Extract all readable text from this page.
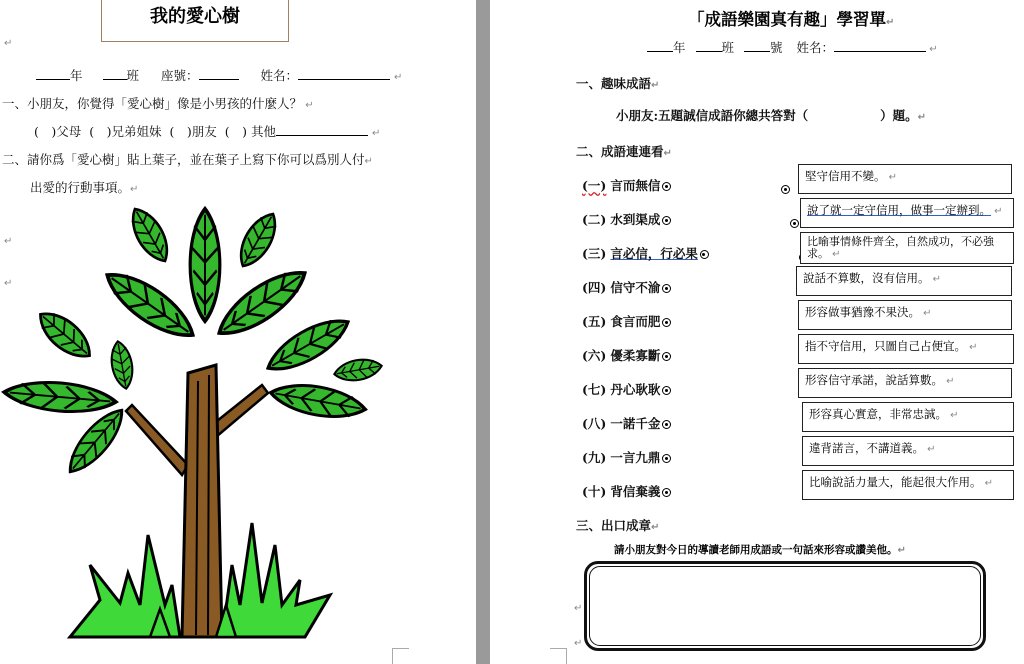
我的愛心樹
↵
年	班 座號：	姓名：	↵
一、小朋友，你覺得「愛心樹」像是小男孩的什麼人？ ↵
(　)父母 (　)兄弟姐妹 (　)朋友 (　) 其他	↵
二、請你爲「愛心樹」貼上葉子，並在葉子上寫下你可以爲別人付↵
出愛的行動事項。↵
↵
↵
「成語樂園真有趣」學習單↵
年	班	號 姓名：	↵
一、趣味成語↵
小朋友:五題誠信成語你總共答對（	）題。↵
二、成語連連看↵
(一) 言而無信
堅守信用不變。 ↵
(二) 水到渠成
說了就一定守信用，做事一定辦到。 ↵
(三) 言必信，行必果
比喻事情條件齊全，自然成功，不必強求。 ↵
(四) 信守不渝
說話不算數，沒有信用。 ↵
(五) 食言而肥
形容做事猶豫不果決。 ↵
(六) 優柔寡斷
指不守信用，只圖自己占便宜。 ↵
(七) 丹心耿耿
形容信守承諾，說話算數。 ↵
(八) 一諾千金
形容真心實意，非常忠誠。 ↵
(九) 一言九鼎
違背諾言，不講道義。 ↵
(十) 背信棄義
比喻說話力量大，能起很大作用。 ↵
三、出口成章↵
請小朋友對今日的導讀老師用成語或一句話來形容或讚美他。↵
↵
↵
